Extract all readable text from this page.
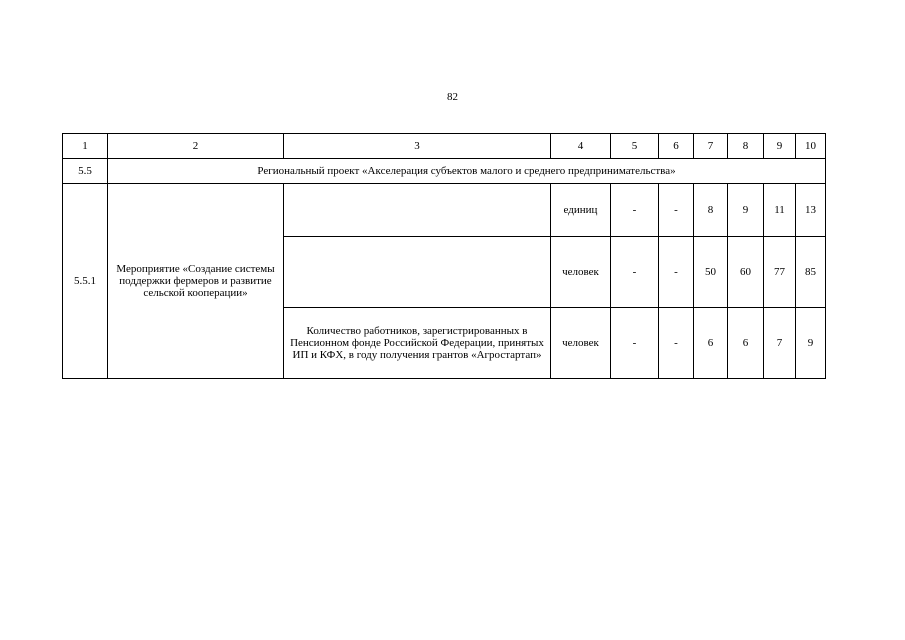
82
1	2	3	4	5	6	7	8	9	10
5.5	Региональный проект «Акселерация субъектов малого и среднего предпринимательства»								
5.5.1	Мероприятие «Создание системы поддержки фермеров и развитие сельской кооперации»		единиц	-	-	8	9	11	13
			человек	-	-	50	60	77	85
		Количество работников, зарегистрированных в Пенсионном фонде Российской Федерации, принятых ИП и КФХ, в году получения грантов «Агростартап»	человек	-	-	6	6	7	9
